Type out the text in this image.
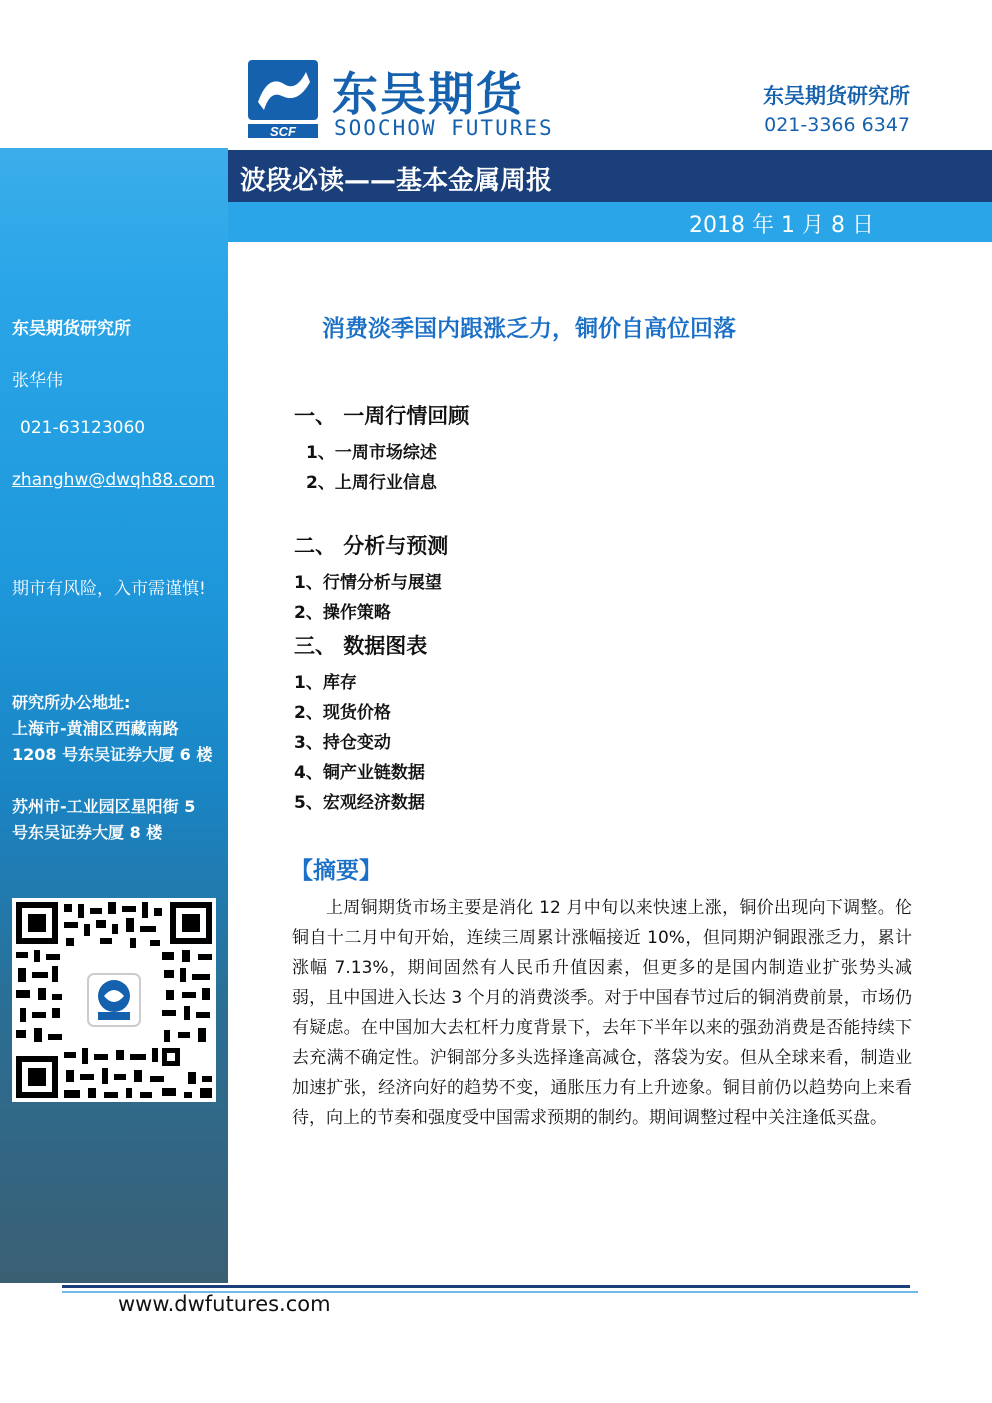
东吴期货研究所
张华伟
021-63123060
zhanghw@dwqh88.com
期市有风险，入市需谨慎!
研究所办公地址:
上海市-黄浦区西藏南路
1208 号东吴证券大厦 6 楼
苏州市-工业园区星阳街 5
号东吴证券大厦 8 楼
SCF
东吴期货
SOOCHOW FUTURES
东吴期货研究所
021-3366 6347
波段必读——基本金属周报
2018 年 1 月 8 日
消费淡季国内跟涨乏力，铜价自高位回落
一、 一周行情回顾
1、一周市场综述
2、上周行业信息
二、 分析与预测
1、行情分析与展望
2、操作策略
三、 数据图表
1、库存
2、现货价格
3、持仓变动
4、铜产业链数据
5、宏观经济数据
【摘要】
上周铜期货市场主要是消化 12 月中旬以来快速上涨，铜价出现向下调整。伦铜自十二月中旬开始，连续三周累计涨幅接近 10%，但同期沪铜跟涨乏力，累计涨幅 7.13%，期间固然有人民币升值因素，但更多的是国内制造业扩张势头减弱，且中国进入长达 3 个月的消费淡季。对于中国春节过后的铜消费前景，市场仍有疑虑。在中国加大去杠杆力度背景下，去年下半年以来的强劲消费是否能持续下去充满不确定性。沪铜部分多头选择逢高减仓，落袋为安。但从全球来看，制造业加速扩张，经济向好的趋势不变，通胀压力有上升迹象。铜目前仍以趋势向上来看待，向上的节奏和强度受中国需求预期的制约。期间调整过程中关注逢低买盘。
www.dwfutures.com
